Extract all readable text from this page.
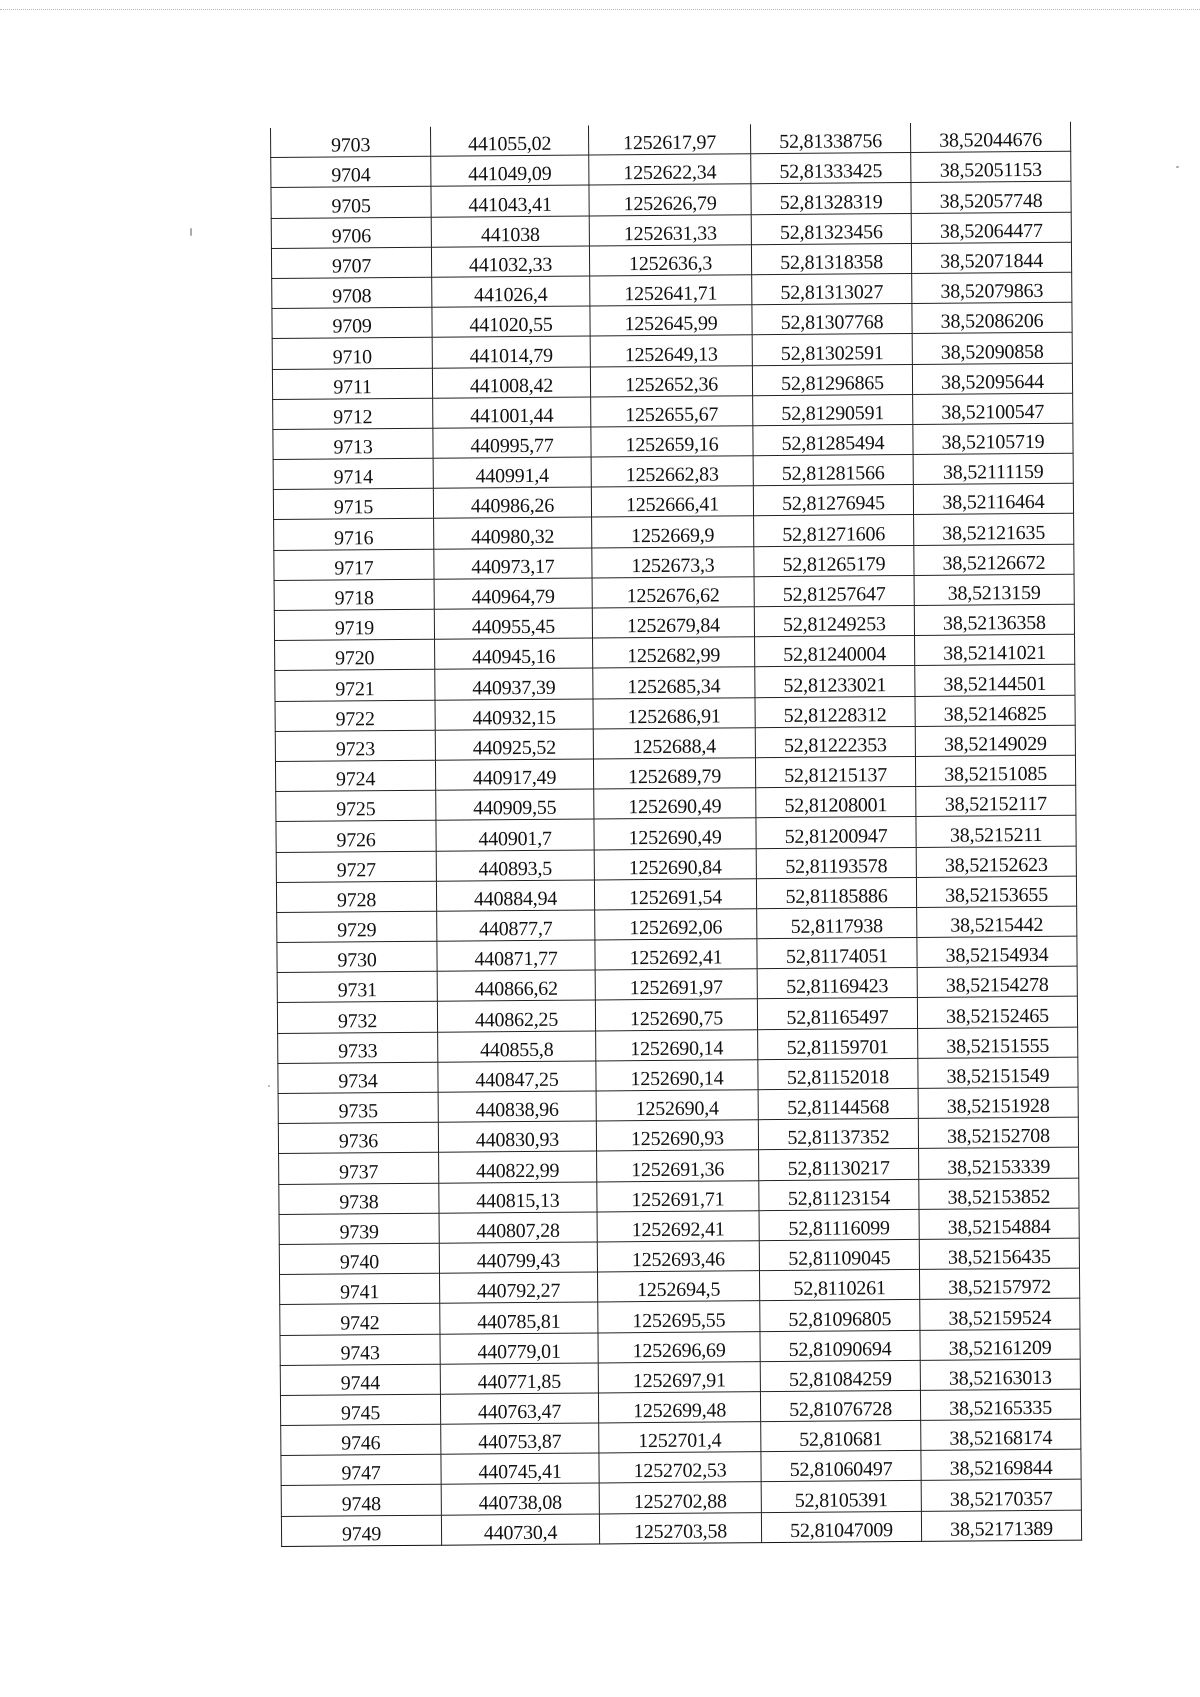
9703	441055,02	1252617,97	52,81338756	38,52044676
9704	441049,09	1252622,34	52,81333425	38,52051153
9705	441043,41	1252626,79	52,81328319	38,52057748
9706	441038	1252631,33	52,81323456	38,52064477
9707	441032,33	1252636,3	52,81318358	38,52071844
9708	441026,4	1252641,71	52,81313027	38,52079863
9709	441020,55	1252645,99	52,81307768	38,52086206
9710	441014,79	1252649,13	52,81302591	38,52090858
9711	441008,42	1252652,36	52,81296865	38,52095644
9712	441001,44	1252655,67	52,81290591	38,52100547
9713	440995,77	1252659,16	52,81285494	38,52105719
9714	440991,4	1252662,83	52,81281566	38,52111159
9715	440986,26	1252666,41	52,81276945	38,52116464
9716	440980,32	1252669,9	52,81271606	38,52121635
9717	440973,17	1252673,3	52,81265179	38,52126672
9718	440964,79	1252676,62	52,81257647	38,5213159
9719	440955,45	1252679,84	52,81249253	38,52136358
9720	440945,16	1252682,99	52,81240004	38,52141021
9721	440937,39	1252685,34	52,81233021	38,52144501
9722	440932,15	1252686,91	52,81228312	38,52146825
9723	440925,52	1252688,4	52,81222353	38,52149029
9724	440917,49	1252689,79	52,81215137	38,52151085
9725	440909,55	1252690,49	52,81208001	38,52152117
9726	440901,7	1252690,49	52,81200947	38,5215211
9727	440893,5	1252690,84	52,81193578	38,52152623
9728	440884,94	1252691,54	52,81185886	38,52153655
9729	440877,7	1252692,06	52,8117938	38,5215442
9730	440871,77	1252692,41	52,81174051	38,52154934
9731	440866,62	1252691,97	52,81169423	38,52154278
9732	440862,25	1252690,75	52,81165497	38,52152465
9733	440855,8	1252690,14	52,81159701	38,52151555
9734	440847,25	1252690,14	52,81152018	38,52151549
9735	440838,96	1252690,4	52,81144568	38,52151928
9736	440830,93	1252690,93	52,81137352	38,52152708
9737	440822,99	1252691,36	52,81130217	38,52153339
9738	440815,13	1252691,71	52,81123154	38,52153852
9739	440807,28	1252692,41	52,81116099	38,52154884
9740	440799,43	1252693,46	52,81109045	38,52156435
9741	440792,27	1252694,5	52,8110261	38,52157972
9742	440785,81	1252695,55	52,81096805	38,52159524
9743	440779,01	1252696,69	52,81090694	38,52161209
9744	440771,85	1252697,91	52,81084259	38,52163013
9745	440763,47	1252699,48	52,81076728	38,52165335
9746	440753,87	1252701,4	52,810681	38,52168174
9747	440745,41	1252702,53	52,81060497	38,52169844
9748	440738,08	1252702,88	52,8105391	38,52170357
9749	440730,4	1252703,58	52,81047009	38,52171389
